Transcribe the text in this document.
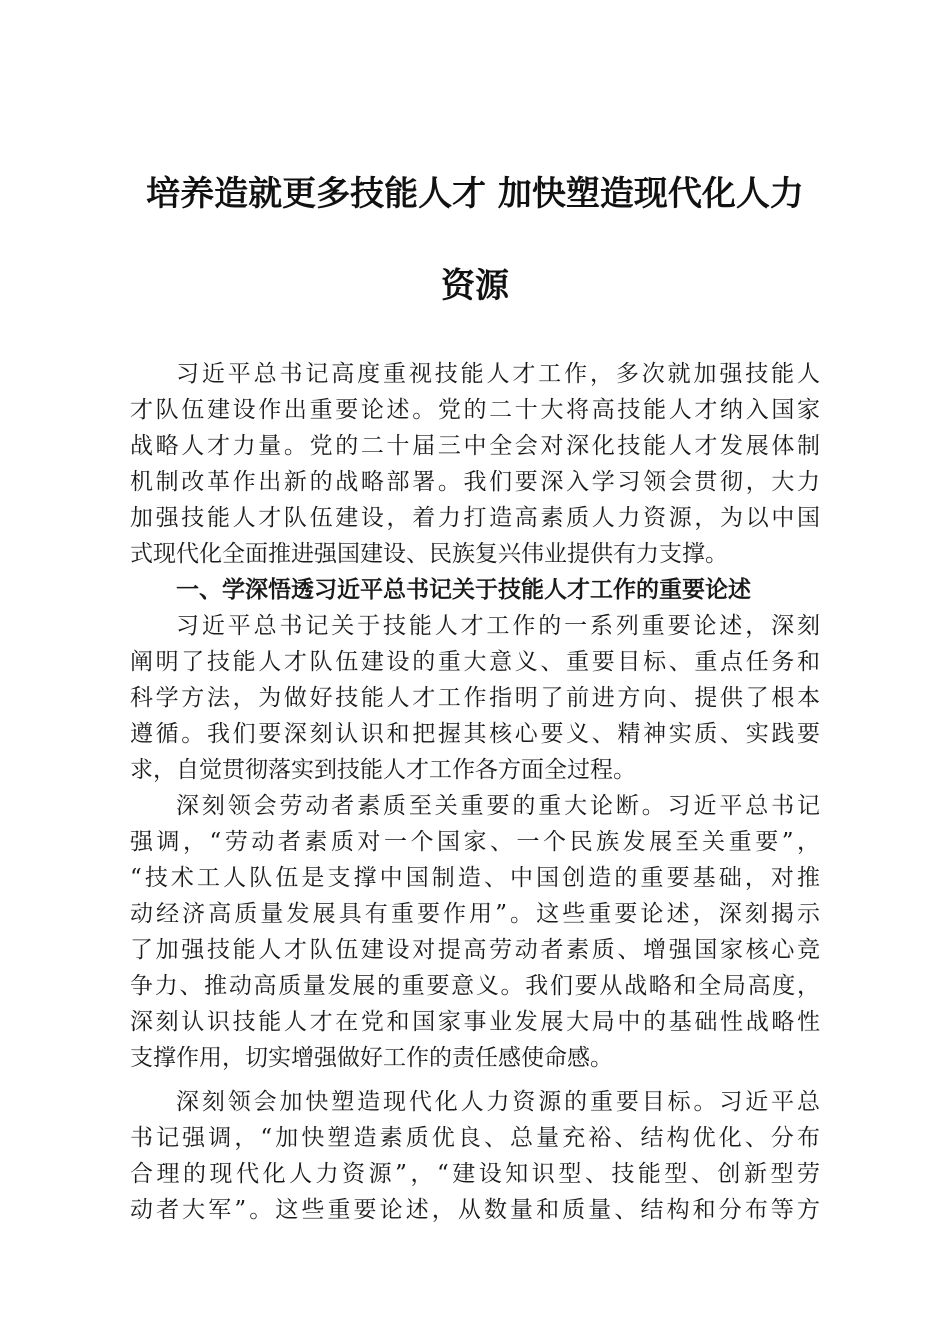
培养造就更多技能人才 加快塑造现代化人力
资源
习近平总书记高度重视技能人才工作，多次就加强技能人
才队伍建设作出重要论述。党的二十大将高技能人才纳入国家
战略人才力量。党的二十届三中全会对深化技能人才发展体制
机制改革作出新的战略部署。我们要深入学习领会贯彻，大力
加强技能人才队伍建设，着力打造高素质人力资源，为以中国
式现代化全面推进强国建设、民族复兴伟业提供有力支撑。
一、学深悟透习近平总书记关于技能人才工作的重要论述
习近平总书记关于技能人才工作的一系列重要论述，深刻
阐明了技能人才队伍建设的重大意义、重要目标、重点任务和
科学方法，为做好技能人才工作指明了前进方向、提供了根本
遵循。我们要深刻认识和把握其核心要义、精神实质、实践要
求，自觉贯彻落实到技能人才工作各方面全过程。
深刻领会劳动者素质至关重要的重大论断。习近平总书记
强调，“劳动者素质对一个国家、一个民族发展至关重要”，
“技术工人队伍是支撑中国制造、中国创造的重要基础，对推
动经济高质量发展具有重要作用”。这些重要论述，深刻揭示
了加强技能人才队伍建设对提高劳动者素质、增强国家核心竞
争力、推动高质量发展的重要意义。我们要从战略和全局高度，
深刻认识技能人才在党和国家事业发展大局中的基础性战略性
支撑作用，切实增强做好工作的责任感使命感。
深刻领会加快塑造现代化人力资源的重要目标。习近平总
书记强调，“加快塑造素质优良、总量充裕、结构优化、分布
合理的现代化人力资源”，“建设知识型、技能型、创新型劳
动者大军”。这些重要论述，从数量和质量、结构和分布等方
